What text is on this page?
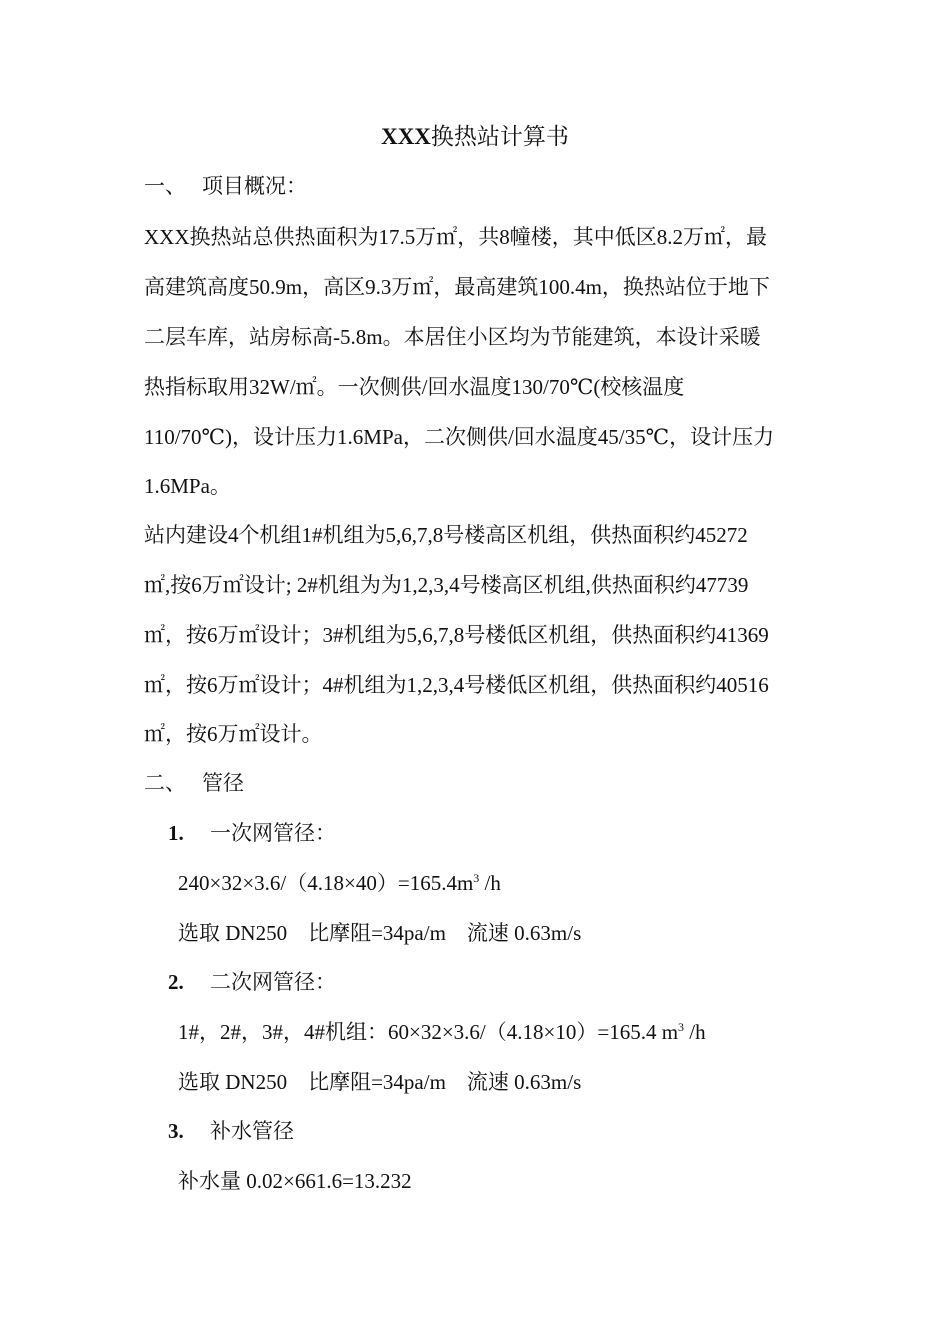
XXX换热站计算书
一、 项目概况：
XXX换热站总供热面积为17.5万㎡，共8幢楼，其中低区8.2万㎡，最
高建筑高度50.9m，高区9.3万㎡，最高建筑100.4m，换热站位于地下
二层车库，站房标高-5.8m。本居住小区均为节能建筑，本设计采暖
热指标取用32W/㎡。一次侧供/回水温度130/70℃(校核温度
110/70℃)，设计压力1.6MPa，二次侧供/回水温度45/35℃，设计压力
1.6MPa。
站内建设4个机组1#机组为5,6,7,8号楼高区机组，供热面积约45272
㎡,按6万㎡设计; 2#机组为为1,2,3,4号楼高区机组,供热面积约47739
㎡，按6万㎡设计；3#机组为5,6,7,8号楼低区机组，供热面积约41369
㎡，按6万㎡设计；4#机组为1,2,3,4号楼低区机组，供热面积约40516
㎡，按6万㎡设计。
二、 管径
1. 一次网管径：
$240\times 32\times 3.6/(4.18\times 40)=165.4m^3$ /h
选取 DN250    比摩阻=34pa/m    流速 0.63m/s
2. 二次网管径：
1#，2#，3#，4#机组：60×32×3.6/（4.18×10）=165.4 $m^3$ /h
选取 DN250    比摩阻=34pa/m    流速 0.63m/s
3. 补水管径
补水量 0.02×661.6=13.232
